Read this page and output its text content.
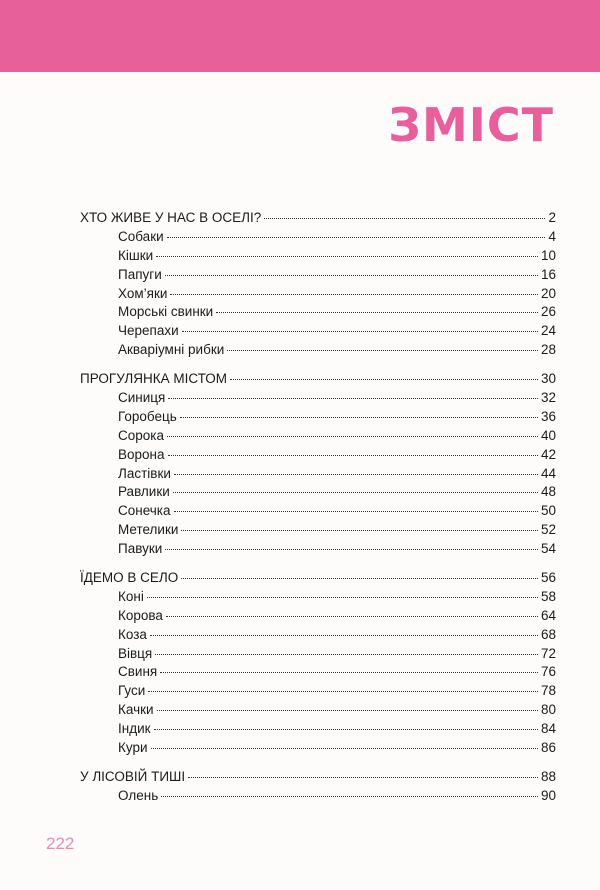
ЗМІСТ
ХТО ЖИВЕ У НАС В ОСЕЛІ?	2
Собаки	4
Кішки	10
Папуги	16
Хом’яки	20
Морські свинки	26
Черепахи	24
Акваріумні рибки	28
ПРОГУЛЯНКА МІСТОМ	30
Синиця	32
Горобець	36
Сорока	40
Ворона	42
Ластівки	44
Равлики	48
Сонечка	50
Метелики	52
Павуки	54
ЇДЕМО В СЕЛО	56
Коні	58
Корова	64
Коза	68
Вівця	72
Свиня	76
Гуси	78
Качки	80
Індик	84
Кури	86
У ЛІСОВІЙ ТИШІ	88
Олень	90
222
